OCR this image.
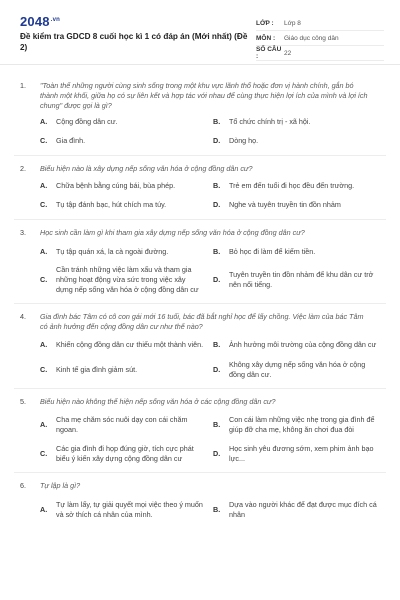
$2048^{.vn}$
Đề kiểm tra GDCD 8 cuối học kì 1 có đáp án (Mới nhất) (Đề 2)
LỚP :	Lớp 8
MÔN :	Giáo dục công dân
SỐ CÂU :	22
1.	"Toàn thể những người cùng sinh sống trong một khu vực lãnh thổ hoặc đơn vị hành chính, gắn bó thành một khối, giữa họ có sự liên kết và hợp tác với nhau để cùng thực hiện lợi ích của mình và lợi ích chung" được gọi là gì?
A.	Cộng đồng dân cư.	B.	Tổ chức chính trị - xã hội.
C.	Gia đình.	D.	Dòng họ.
2.	Biểu hiện nào là xây dựng nếp sống văn hóa ở cộng đồng dân cư?
A.	Chữa bệnh bằng cúng bái, bùa phép.	B.	Trẻ em đến tuổi đi học đều đến trường.
C.	Tụ tập đánh bạc, hút chích ma túy.	D.	Nghe và tuyên truyền tin đồn nhảm
3.	Học sinh cần làm gì khi tham gia xây dựng nếp sống văn hóa ở cộng đồng dân cư?
A.	Tụ tập quán xá, la cà ngoài đường.	B.	Bỏ học đi làm để kiếm tiền.
C.
Cần tránh những việc làm xấu và tham gia những hoạt động vừa sức trong việc xây dựng nếp sống văn hóa ở cộng đồng dân cư
D.
Tuyên truyền tin đồn nhảm để khu dân cư trở nên nổi tiếng.
4.	Gia đình bác Tâm có cô con gái mới 16 tuổi, bác đã bắt nghỉ học để lấy chồng. Việc làm của bác Tâm có ảnh hưởng đến cộng đồng dân cư như thế nào?
A.	Khiến cộng đồng dân cư thiếu một thành viên. B.	Ảnh hưởng môi trường của cộng đồng dân cư
C.	Kinh tế gia đình giảm sút.	D.
Không xây dựng nếp sống văn hóa ở cộng đồng dân cư.
5.	Biểu hiện nào không thể hiện nếp sống văn hóa ở các cộng đồng dân cư?
A.
Cha mẹ chăm sóc nuôi dạy con cái chăm ngoan.
B.
Con cái làm những việc nhẹ trong gia đình để giúp đỡ cha mẹ, không ăn chơi đua đòi
C.
Các gia đình đi họp đúng giờ, tích cực phát biểu ý kiến xây dựng cộng đồng dân cư
D.
Học sinh yêu đương sớm, xem phim ảnh bạo lực...
6.	Tự lập là gì?
A.
Tự làm lấy, tự giải quyết mọi việc theo ý muốn và sở thích cá nhân của mình.
B.
Dựa vào người khác để đạt được mục đích cá nhân
